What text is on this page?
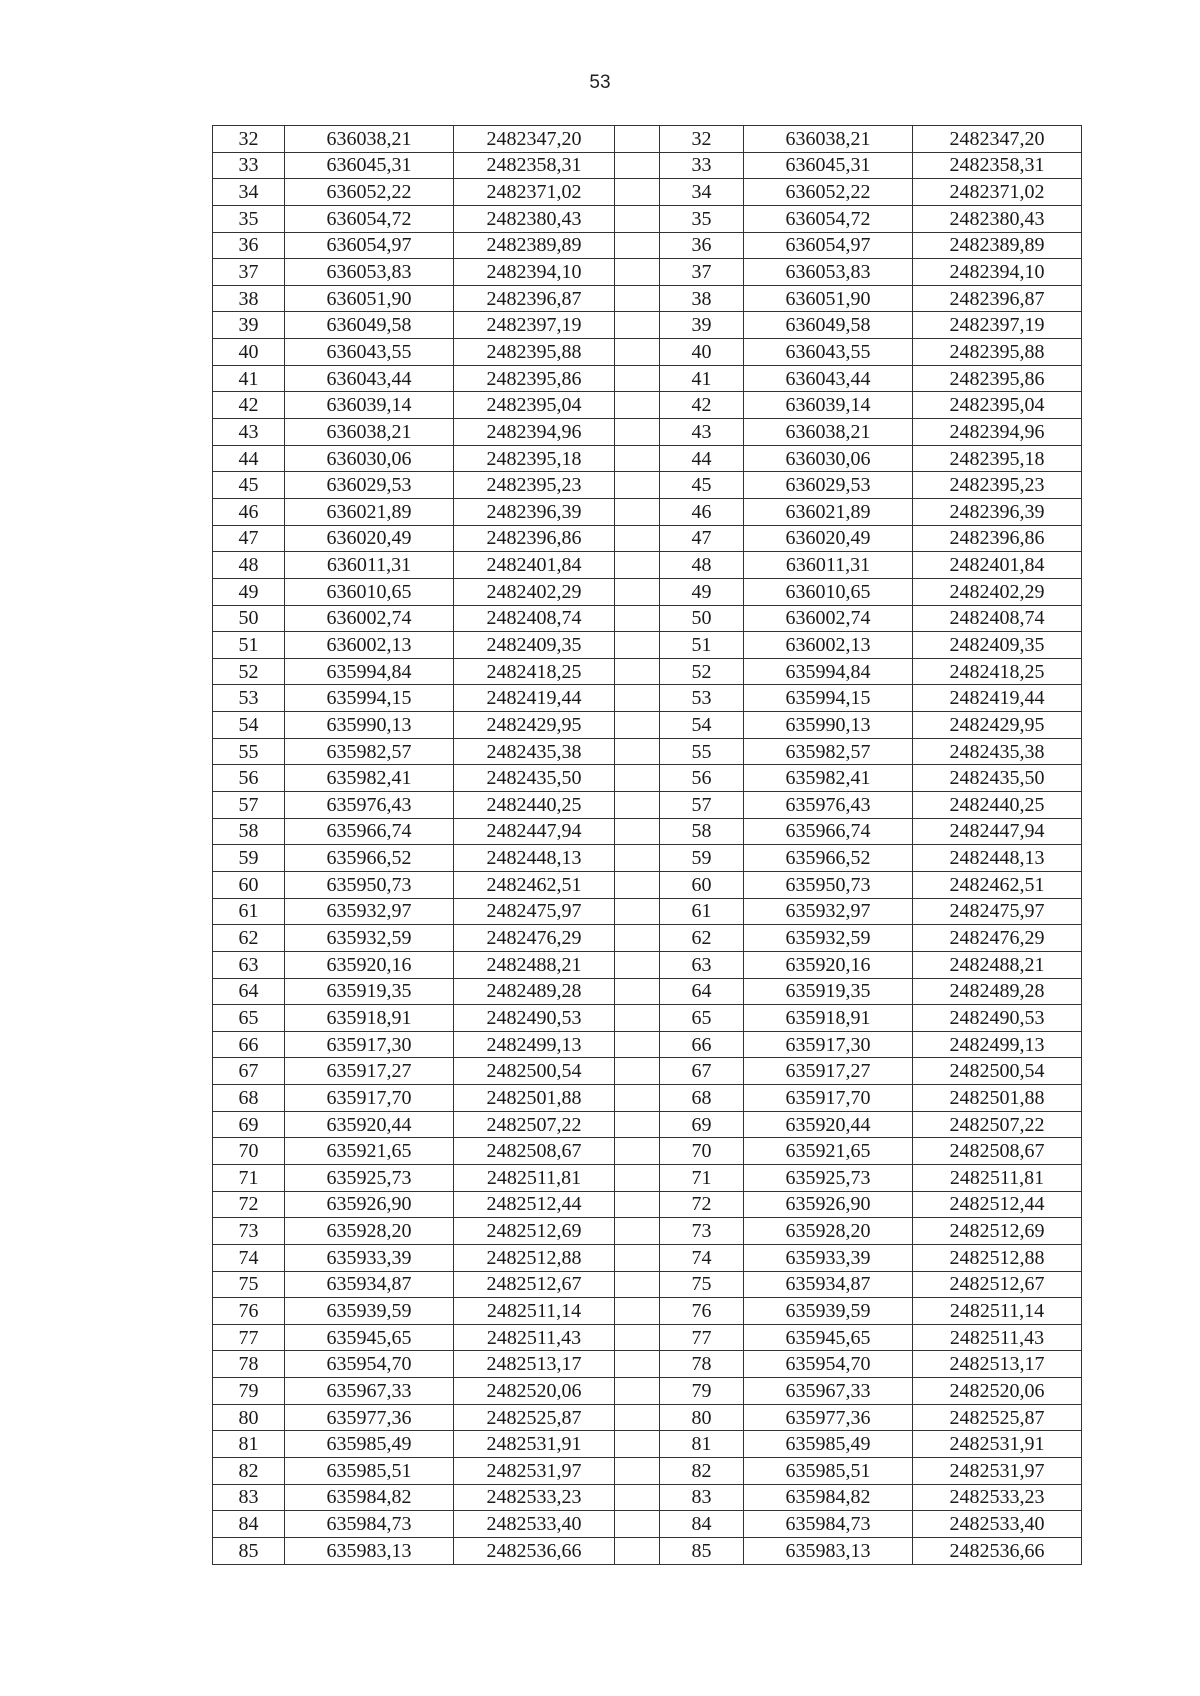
53
32	636038,21	2482347,20		32	636038,21	2482347,20
33	636045,31	2482358,31		33	636045,31	2482358,31
34	636052,22	2482371,02		34	636052,22	2482371,02
35	636054,72	2482380,43		35	636054,72	2482380,43
36	636054,97	2482389,89		36	636054,97	2482389,89
37	636053,83	2482394,10		37	636053,83	2482394,10
38	636051,90	2482396,87		38	636051,90	2482396,87
39	636049,58	2482397,19		39	636049,58	2482397,19
40	636043,55	2482395,88		40	636043,55	2482395,88
41	636043,44	2482395,86		41	636043,44	2482395,86
42	636039,14	2482395,04		42	636039,14	2482395,04
43	636038,21	2482394,96		43	636038,21	2482394,96
44	636030,06	2482395,18		44	636030,06	2482395,18
45	636029,53	2482395,23		45	636029,53	2482395,23
46	636021,89	2482396,39		46	636021,89	2482396,39
47	636020,49	2482396,86		47	636020,49	2482396,86
48	636011,31	2482401,84		48	636011,31	2482401,84
49	636010,65	2482402,29		49	636010,65	2482402,29
50	636002,74	2482408,74		50	636002,74	2482408,74
51	636002,13	2482409,35		51	636002,13	2482409,35
52	635994,84	2482418,25		52	635994,84	2482418,25
53	635994,15	2482419,44		53	635994,15	2482419,44
54	635990,13	2482429,95		54	635990,13	2482429,95
55	635982,57	2482435,38		55	635982,57	2482435,38
56	635982,41	2482435,50		56	635982,41	2482435,50
57	635976,43	2482440,25		57	635976,43	2482440,25
58	635966,74	2482447,94		58	635966,74	2482447,94
59	635966,52	2482448,13		59	635966,52	2482448,13
60	635950,73	2482462,51		60	635950,73	2482462,51
61	635932,97	2482475,97		61	635932,97	2482475,97
62	635932,59	2482476,29		62	635932,59	2482476,29
63	635920,16	2482488,21		63	635920,16	2482488,21
64	635919,35	2482489,28		64	635919,35	2482489,28
65	635918,91	2482490,53		65	635918,91	2482490,53
66	635917,30	2482499,13		66	635917,30	2482499,13
67	635917,27	2482500,54		67	635917,27	2482500,54
68	635917,70	2482501,88		68	635917,70	2482501,88
69	635920,44	2482507,22		69	635920,44	2482507,22
70	635921,65	2482508,67		70	635921,65	2482508,67
71	635925,73	2482511,81		71	635925,73	2482511,81
72	635926,90	2482512,44		72	635926,90	2482512,44
73	635928,20	2482512,69		73	635928,20	2482512,69
74	635933,39	2482512,88		74	635933,39	2482512,88
75	635934,87	2482512,67		75	635934,87	2482512,67
76	635939,59	2482511,14		76	635939,59	2482511,14
77	635945,65	2482511,43		77	635945,65	2482511,43
78	635954,70	2482513,17		78	635954,70	2482513,17
79	635967,33	2482520,06		79	635967,33	2482520,06
80	635977,36	2482525,87		80	635977,36	2482525,87
81	635985,49	2482531,91		81	635985,49	2482531,91
82	635985,51	2482531,97		82	635985,51	2482531,97
83	635984,82	2482533,23		83	635984,82	2482533,23
84	635984,73	2482533,40		84	635984,73	2482533,40
85	635983,13	2482536,66		85	635983,13	2482536,66
